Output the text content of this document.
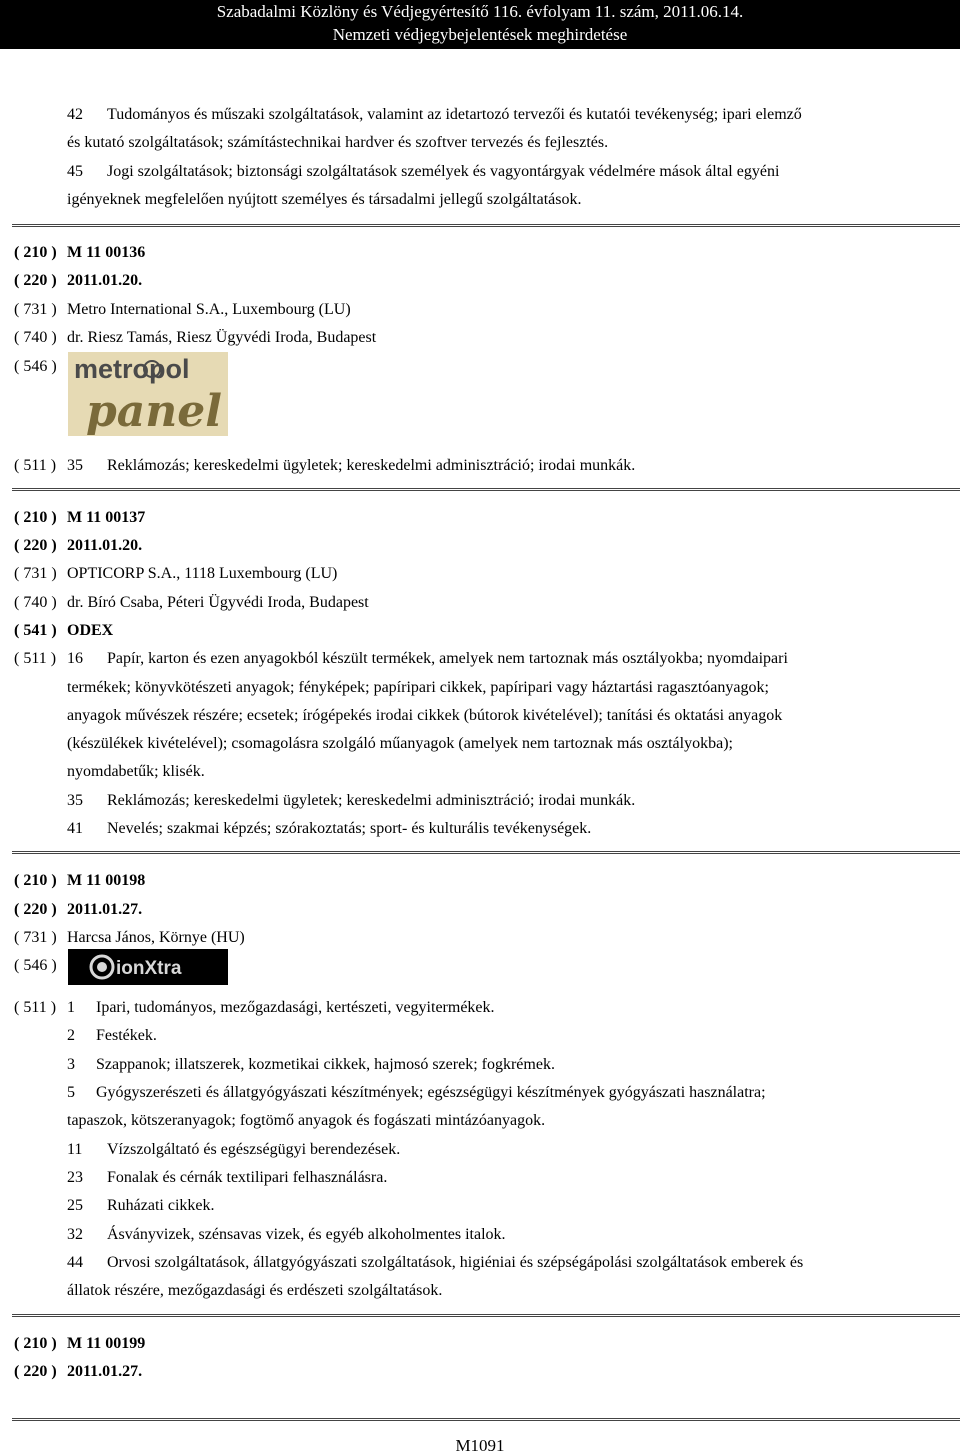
Szabadalmi Közlöny és Védjegyértesítő 116. évfolyam 11. szám, 2011.06.14.
Nemzeti védjegybejelentések meghirdetése
42 Tudományos és műszaki szolgáltatások, valamint az idetartozó tervezői és kutatói tevékenység; ipari elemző
és kutató szolgáltatások; számítástechnikai hardver és szoftver tervezés és fejlesztés.
45 Jogi szolgáltatások; biztonsági szolgáltatások személyek és vagyontárgyak védelmére mások által egyéni
igényeknek megfelelően nyújtott személyes és társadalmi jellegű szolgáltatások.
( 210 ) M 11 00136
( 220 ) 2011.01.20.
( 731 ) Metro International S.A., Luxembourg (LU)
( 740 ) dr. Riesz Tamás, Riesz Ügyvédi Iroda, Budapest
( 546 ) metropol
panel
( 511 ) 35 Reklámozás; kereskedelmi ügyletek; kereskedelmi adminisztráció; irodai munkák.
( 210 ) M 11 00137
( 220 ) 2011.01.20.
( 731 ) OPTICORP S.A., 1118 Luxembourg (LU)
( 740 ) dr. Bíró Csaba, Péteri Ügyvédi Iroda, Budapest
( 541 ) ODEX
( 511 ) 16 Papír, karton és ezen anyagokból készült termékek, amelyek nem tartoznak más osztályokba; nyomdaipari
termékek; könyvkötészeti anyagok; fényképek; papíripari cikkek, papíripari vagy háztartási ragasztóanyagok;
anyagok művészek részére; ecsetek; írógépekés irodai cikkek (bútorok kivételével); tanítási és oktatási anyagok
(készülékek kivételével); csomagolásra szolgáló műanyagok (amelyek nem tartoznak más osztályokba);
nyomdabetűk; klisék.
35 Reklámozás; kereskedelmi ügyletek; kereskedelmi adminisztráció; irodai munkák.
41 Nevelés; szakmai képzés; szórakoztatás; sport- és kulturális tevékenységek.
( 210 ) M 11 00198
( 220 ) 2011.01.27.
( 731 ) Harcsa János, Környe (HU)
( 546 )	ionXtra
( 511 ) 1 Ipari, tudományos, mezőgazdasági, kertészeti, vegyitermékek.
2 Festékek.
3 Szappanok; illatszerek, kozmetikai cikkek, hajmosó szerek; fogkrémek.
5 Gyógyszerészeti és állatgyógyászati készítmények; egészségügyi készítmények gyógyászati használatra;
tapaszok, kötszeranyagok; fogtömő anyagok és fogászati mintázóanyagok.
11 Vízszolgáltató és egészségügyi berendezések.
23 Fonalak és cérnák textilipari felhasználásra.
25 Ruházati cikkek.
32 Ásványvizek, szénsavas vizek, és egyéb alkoholmentes italok.
44 Orvosi szolgáltatások, állatgyógyászati szolgáltatások, higiéniai és szépségápolási szolgáltatások emberek és
állatok részére, mezőgazdasági és erdészeti szolgáltatások.
( 210 ) M 11 00199
( 220 ) 2011.01.27.
M1091
